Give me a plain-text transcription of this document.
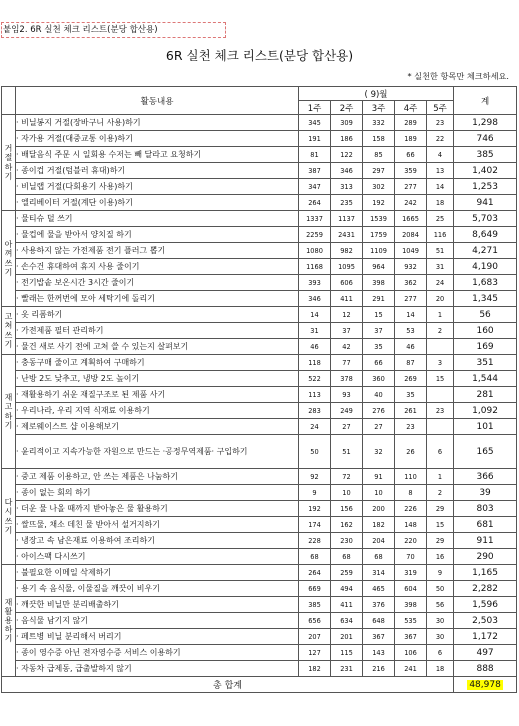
붙임2. 6R 실천 체크 리스트(분당 합산용)
6R 실천 체크 리스트(분당 합산용)
* 실천한 항목만 체크하세요.
	활동내용	( 9)월					계
		1주	2주	3주	4주	5주	
거절하기	· 비닐봉지 거절(장바구니 사용)하기	345	309	332	289	23	1,298
	· 자가용 거절(대중교통 이용)하기	191	186	158	189	22	746
	· 배달음식 주문 시 일회용 수저는 빼 달라고 요청하기	81	122	85	66	4	385
	· 종이컵 거절(텀블러 휴대)하기	387	346	297	359	13	1,402
	· 비닐랩 거절(다회용기 사용)하기	347	313	302	277	14	1,253
	· 엘리베이터 거절(계단 이용)하기	264	235	192	242	18	941
아껴쓰기	· 물티슈 덜 쓰기	1337	1137	1539	1665	25	5,703
	· 물컵에 물을 받아서 양치질 하기	2259	2431	1759	2084	116	8,649
	· 사용하지 않는 가전제품 전기 플러그 뽑기	1080	982	1109	1049	51	4,271
	· 손수건 휴대하여 휴지 사용 줄이기	1168	1095	964	932	31	4,190
	· 전기밥솥 보온시간 3시간 줄이기	393	606	398	362	24	1,683
	· 빨래는 한꺼번에 모아 세탁기에 돌리기	346	411	291	277	20	1,345
고쳐쓰기	· 옷 리폼하기	14	12	15	14	1	56
	· 가전제품 필터 관리하기	31	37	37	53	2	160
	· 물건 새로 사기 전에 고쳐 쓸 수 있는지 살펴보기	46	42	35	46		169
재고하기	· 충동구매 줄이고 계획하여 구매하기	118	77	66	87	3	351
	· 난방 2도 낮추고, 냉방 2도 높이기	522	378	360	269	15	1,544
	· 재활용하기 쉬운 재질구조로 된 제품 사기	113	93	40	35		281
	· 우리나라, 우리 지역 식재료 이용하기	283	249	276	261	23	1,092
	· 제로웨이스트 샵 이용해보기	24	27	27	23		101
	· 윤리적이고 지속가능한 자원으로 만드는 ·공정무역제품· 구입하기	50	51	32	26	6	165
다시쓰기	· 중고 제품 이용하고, 안 쓰는 제품은 나눔하기	92	72	91	110	1	366
	· 종이 없는 회의 하기	9	10	10	8	2	39
	· 더운 물 나올 때까지 받아놓은 물 활용하기	192	156	200	226	29	803
	· 쌀뜨물, 채소 데친 물 받아서 설거지하기	174	162	182	148	15	681
	· 냉장고 속 남은재료 이용하여 조리하기	228	230	204	220	29	911
	· 아이스팩 다시쓰기	68	68	68	70	16	290
재활용하기	· 불필요한 이메일 삭제하기	264	259	314	319	9	1,165
	· 용기 속 음식물, 이물질을 깨끗이 비우기	669	494	465	604	50	2,282
	· 깨끗한 비닐만 분리배출하기	385	411	376	398	56	1,596
	· 음식물 남기지 않기	656	634	648	535	30	2,503
	· 페트병 비닐 분리해서 버리기	207	201	367	367	30	1,172
	· 종이 영수증 아닌 전자영수증 서비스 이용하기	127	115	143	106	6	497
	· 자동차 급제동, 급출발하지 않기	182	231	216	241	18	888
총 합계							48,978
